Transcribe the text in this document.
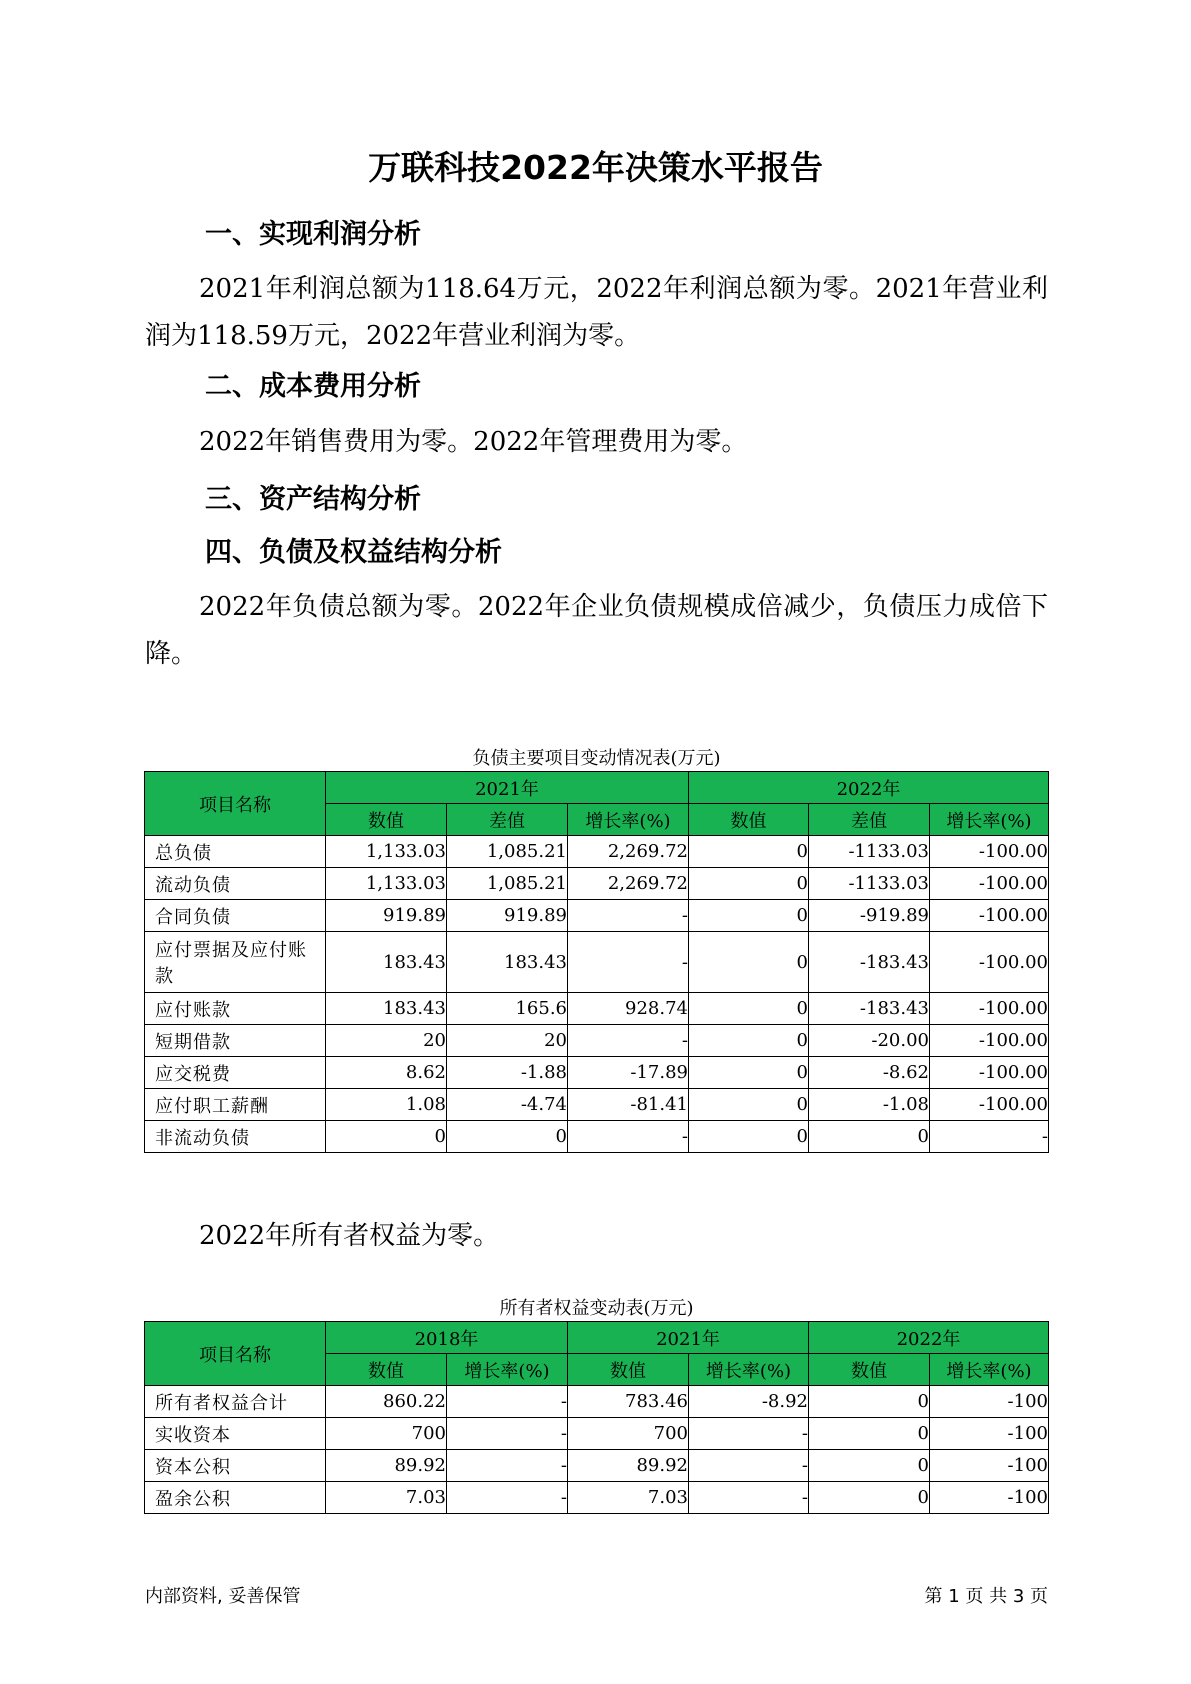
万联科技2022年决策水平报告
一、实现利润分析

2021年利润总额为118.64万元，2022年利润总额为零。2021年营业利润为118.59万元，2022年营业利润为零。

二、成本费用分析

2022年销售费用为零。2022年管理费用为零。

三、资产结构分析
四、负债及权益结构分析

2022年负债总额为零。2022年企业负债规模成倍减少，负债压力成倍下降。

负债主要项目变动情况表(万元)
项目名称	2021年			2022年		
	数值	差值	增长率(%)	数值	差值	增长率(%)
总负债	1,133.03	1,085.21	2,269.72	0	-1133.03	-100.00
流动负债	1,133.03	1,085.21	2,269.72	0	-1133.03	-100.00
合同负债	919.89	919.89	-	0	-919.89	-100.00
应付票据及应付账款	183.43	183.43	-	0	-183.43	-100.00
应付账款	183.43	165.6	928.74	0	-183.43	-100.00
短期借款	20	20	-	0	-20.00	-100.00
应交税费	8.62	-1.88	-17.89	0	-8.62	-100.00
应付职工薪酬	1.08	-4.74	-81.41	0	-1.08	-100.00
非流动负债	0	0	-	0	0	-

2022年所有者权益为零。

所有者权益变动表(万元)
项目名称	2018年		2021年		2022年	
	数值	增长率(%)	数值	增长率(%)	数值	增长率(%)
所有者权益合计	860.22	-	783.46	-8.92	0	-100
实收资本	700	-	700	-	0	-100
资本公积	89.92	-	89.92	-	0	-100
盈余公积	7.03	-	7.03	-	0	-100
内部资料, 妥善保管	第 1 页 共 3 页
